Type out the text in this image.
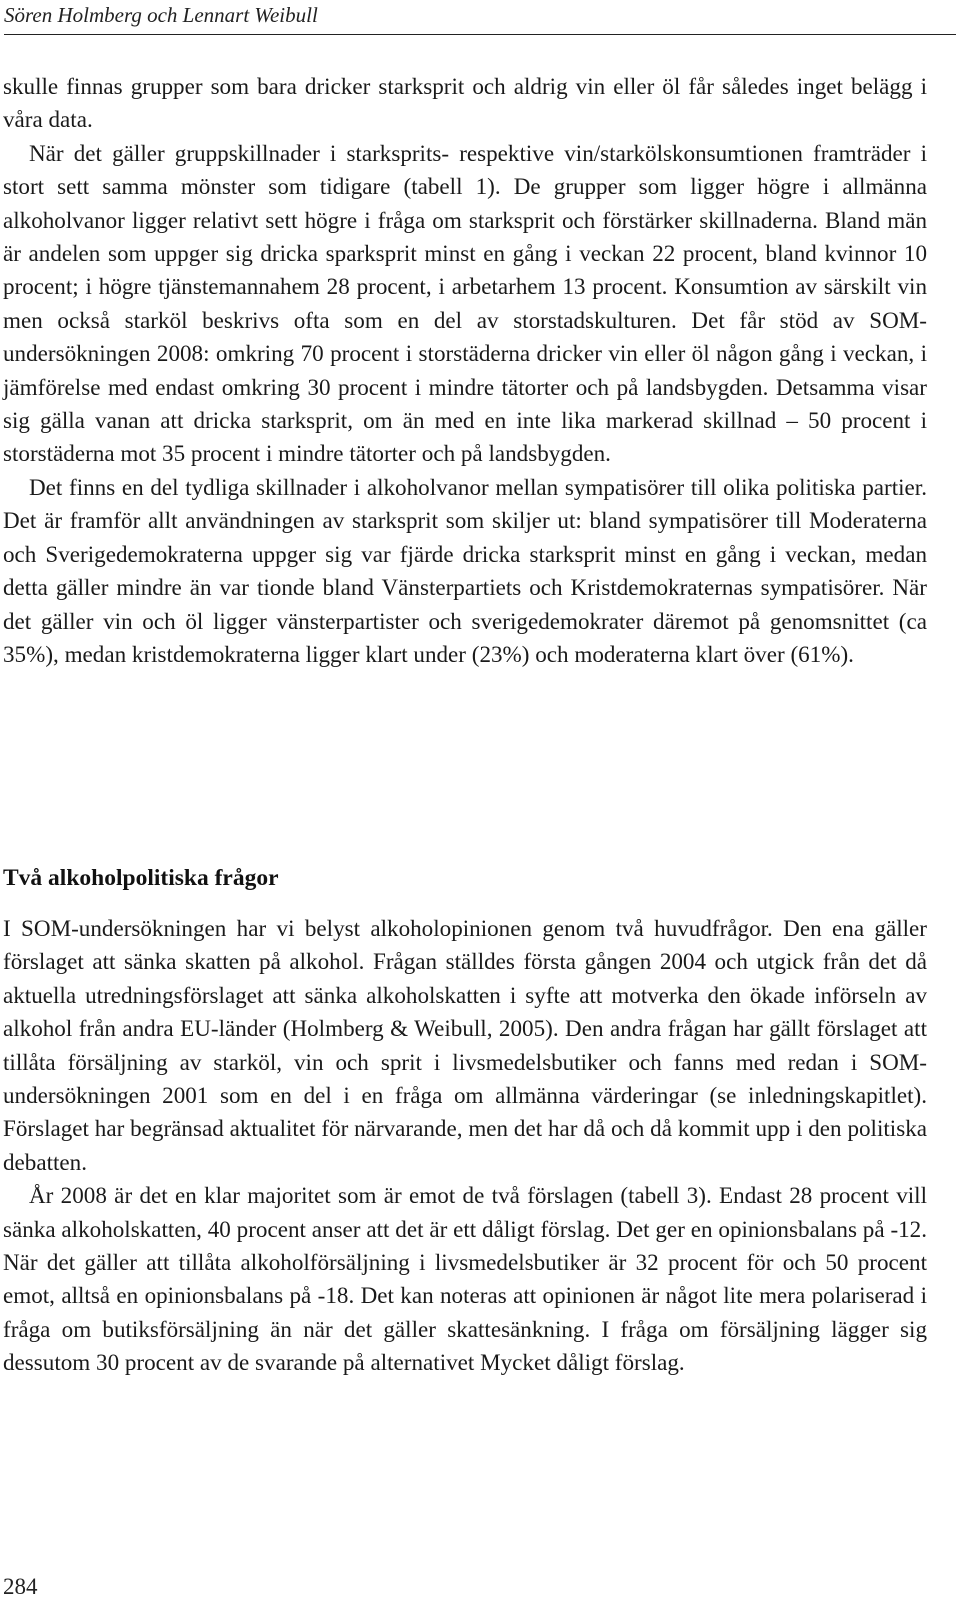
Sören Holmberg och Lennart Weibull

skulle finnas grupper som bara dricker starksprit och aldrig vin eller öl får således inget belägg i våra data.

När det gäller gruppskillnader i starksprits- respektive vin/starkölskonsumtionen framträder i stort sett samma mönster som tidigare (tabell 1). De grupper som ligger högre i allmänna alkoholvanor ligger relativt sett högre i fråga om starksprit och förstärker skillnaderna. Bland män är andelen som uppger sig dricka sparksprit minst en gång i veckan 22 procent, bland kvinnor 10 procent; i högre tjänstemannahem 28 procent, i arbetarhem 13 procent. Konsumtion av särskilt vin men också starköl beskrivs ofta som en del av storstadskulturen. Det får stöd av SOM-undersökningen 2008: omkring 70 procent i storstäderna dricker vin eller öl någon gång i veckan, i jämförelse med endast omkring 30 procent i mindre tätorter och på landsbygden. Detsamma visar sig gälla vanan att dricka starksprit, om än med en inte lika markerad skillnad – 50 procent i storstäderna mot 35 procent i mindre tätorter och på landsbygden.

Det finns en del tydliga skillnader i alkoholvanor mellan sympatisörer till olika politiska partier. Det är framför allt användningen av starksprit som skiljer ut: bland sympatisörer till Moderaterna och Sverigedemokraterna uppger sig var fjärde dricka starksprit minst en gång i veckan, medan detta gäller mindre än var tionde bland Vänsterpartiets och Kristdemokraternas sympatisörer. När det gäller vin och öl ligger vänsterpartister och sverigedemokrater däremot på genomsnittet (ca 35%), medan kristdemokraterna ligger klart under (23%) och moderaterna klart över (61%).

Två alkoholpolitiska frågor

I SOM-undersökningen har vi belyst alkoholopinionen genom två huvudfrågor. Den ena gäller förslaget att sänka skatten på alkohol. Frågan ställdes första gången 2004 och utgick från det då aktuella utredningsförslaget att sänka alkoholskatten i syfte att motverka den ökade införseln av alkohol från andra EU-länder (Holmberg & Weibull, 2005). Den andra frågan har gällt förslaget att tillåta försäljning av starköl, vin och sprit i livsmedelsbutiker och fanns med redan i SOM-undersökningen 2001 som en del i en fråga om allmänna värderingar (se inledningskapitlet). Förslaget har begränsad aktualitet för närvarande, men det har då och då kommit upp i den politiska debatten.

År 2008 är det en klar majoritet som är emot de två förslagen (tabell 3). Endast 28 procent vill sänka alkoholskatten, 40 procent anser att det är ett dåligt förslag. Det ger en opinionsbalans på -12. När det gäller att tillåta alkoholförsäljning i livsmedelsbutiker är 32 procent för och 50 procent emot, alltså en opinionsbalans på -18. Det kan noteras att opinionen är något lite mera polariserad i fråga om butiksförsäljning än när det gäller skattesänkning. I fråga om försäljning lägger sig dessutom 30 procent av de svarande på alternativet Mycket dåligt förslag.

284
